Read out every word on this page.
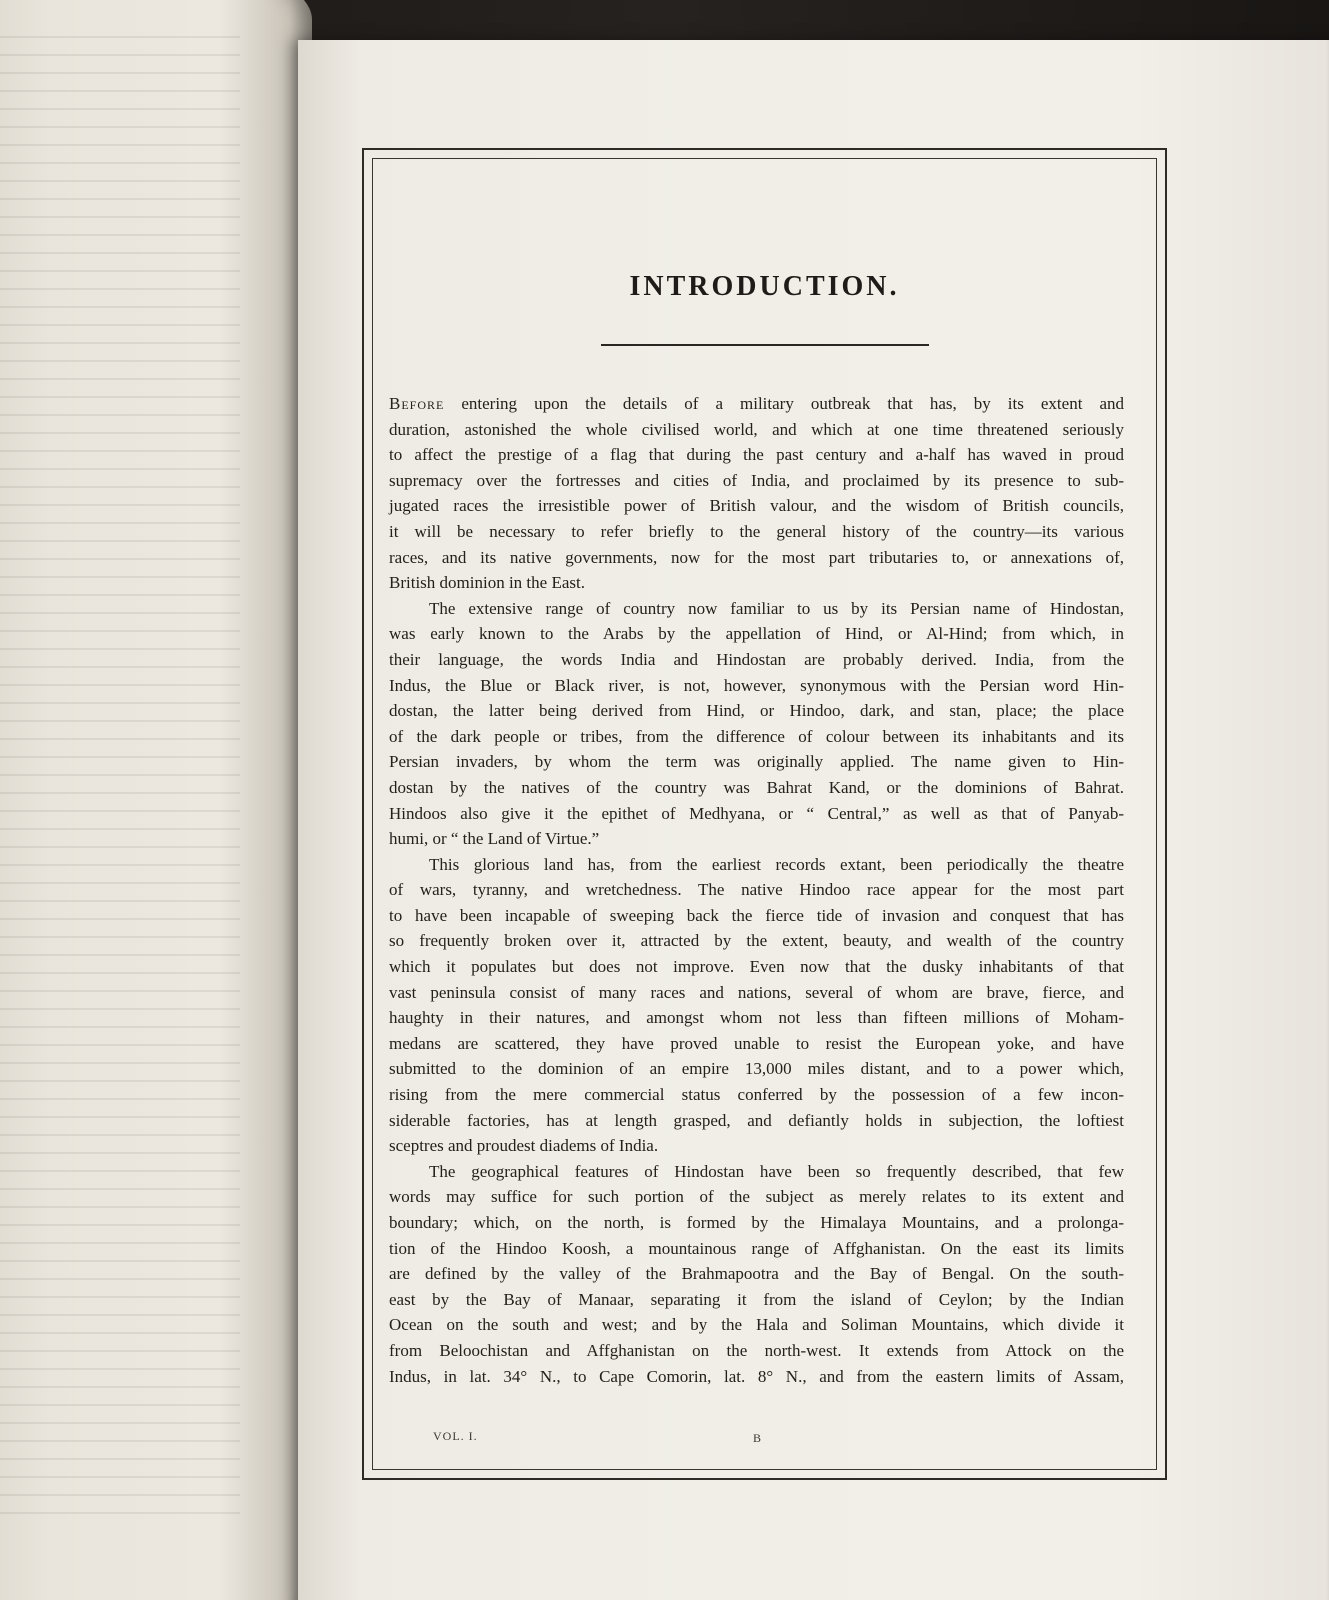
INTRODUCTION.
Before entering upon the details of a military outbreak that has, by its extent and
duration, astonished the whole civilised world, and which at one time threatened seriously
to affect the prestige of a flag that during the past century and a-half has waved in proud
supremacy over the fortresses and cities of India, and proclaimed by its presence to sub-
jugated races the irresistible power of British valour, and the wisdom of British councils,
it will be necessary to refer briefly to the general history of the country—its various
races, and its native governments, now for the most part tributaries to, or annexations of,
British dominion in the East.
The extensive range of country now familiar to us by its Persian name of Hindostan,
was early known to the Arabs by the appellation of Hind, or Al-Hind; from which, in
their language, the words India and Hindostan are probably derived. India, from the
Indus, the Blue or Black river, is not, however, synonymous with the Persian word Hin-
dostan, the latter being derived from Hind, or Hindoo, dark, and stan, place; the place
of the dark people or tribes, from the difference of colour between its inhabitants and its
Persian invaders, by whom the term was originally applied. The name given to Hin-
dostan by the natives of the country was Bahrat Kand, or the dominions of Bahrat.
Hindoos also give it the epithet of Medhyana, or “ Central,” as well as that of Panyab-
humi, or “ the Land of Virtue.”
This glorious land has, from the earliest records extant, been periodically the theatre
of wars, tyranny, and wretchedness. The native Hindoo race appear for the most part
to have been incapable of sweeping back the fierce tide of invasion and conquest that has
so frequently broken over it, attracted by the extent, beauty, and wealth of the country
which it populates but does not improve. Even now that the dusky inhabitants of that
vast peninsula consist of many races and nations, several of whom are brave, fierce, and
haughty in their natures, and amongst whom not less than fifteen millions of Moham-
medans are scattered, they have proved unable to resist the European yoke, and have
submitted to the dominion of an empire 13,000 miles distant, and to a power which,
rising from the mere commercial status conferred by the possession of a few incon-
siderable factories, has at length grasped, and defiantly holds in subjection, the loftiest
sceptres and proudest diadems of India.
The geographical features of Hindostan have been so frequently described, that few
words may suffice for such portion of the subject as merely relates to its extent and
boundary; which, on the north, is formed by the Himalaya Mountains, and a prolonga-
tion of the Hindoo Koosh, a mountainous range of Affghanistan. On the east its limits
are defined by the valley of the Brahmapootra and the Bay of Bengal. On the south-
east by the Bay of Manaar, separating it from the island of Ceylon; by the Indian
Ocean on the south and west; and by the Hala and Soliman Mountains, which divide it
from Beloochistan and Affghanistan on the north-west. It extends from Attock on the
Indus, in lat. 34° N., to Cape Comorin, lat. 8° N., and from the eastern limits of Assam,
VOL. I.	B
